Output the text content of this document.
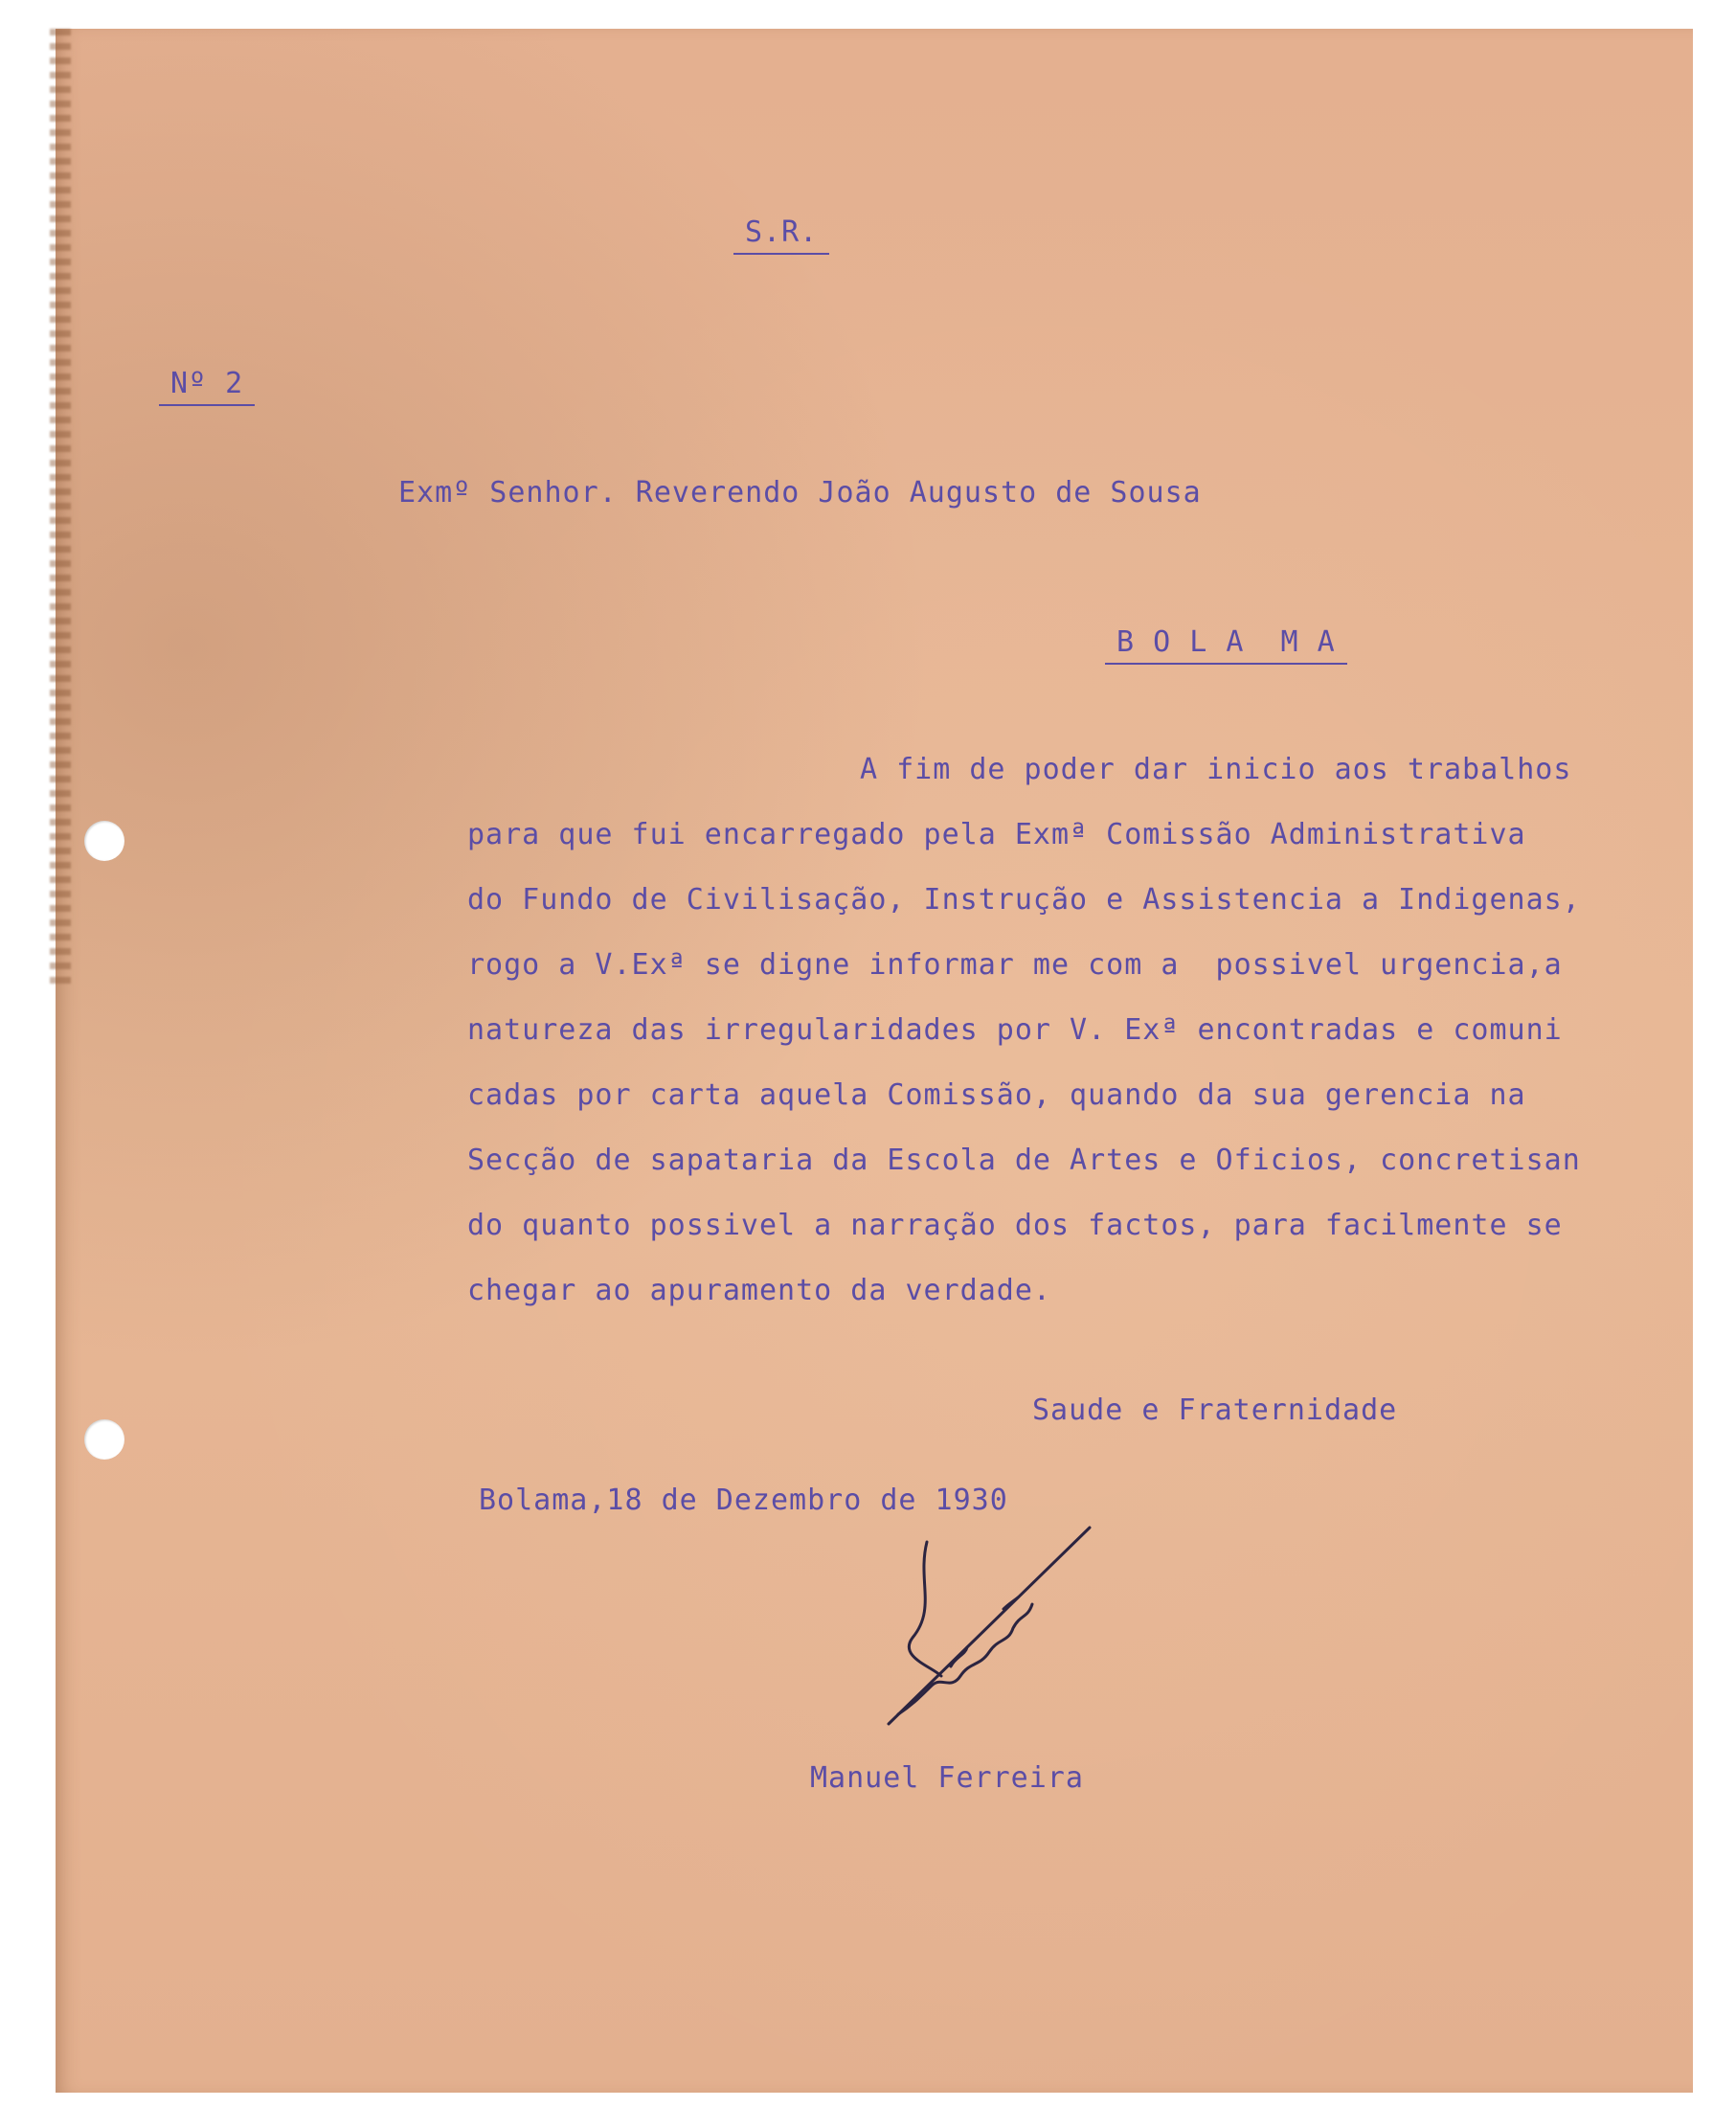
S.R.
Nº 2
Exmº Senhor. Reverendo João Augusto de Sousa
B O L A  M A
A fim de poder dar inicio aos trabalhos
para que fui encarregado pela Exmª Comissão Administrativa
do Fundo de Civilisação, Instrução e Assistencia a Indigenas,
rogo a V.Exª se digne informar me com a  possivel urgencia,a
natureza das irregularidades por V. Exª encontradas e comuni
cadas por carta aquela Comissão, quando da sua gerencia na
Secção de sapataria da Escola de Artes e Oficios, concretisan
do quanto possivel a narração dos factos, para facilmente se
chegar ao apuramento da verdade.
Saude e Fraternidade
Bolama,18 de Dezembro de 1930
Manuel Ferreira
